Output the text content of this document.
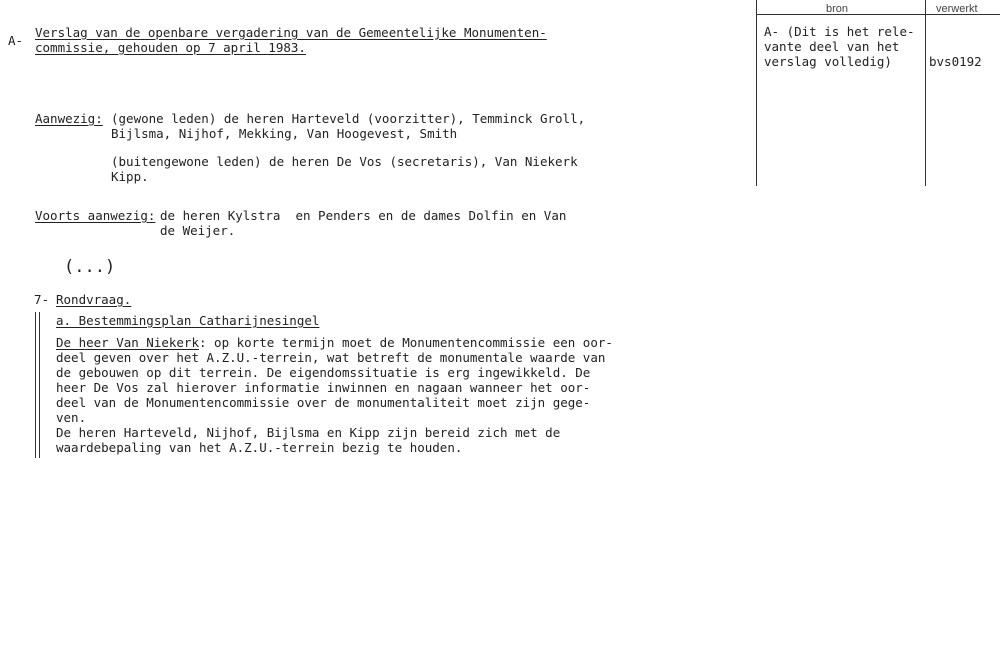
A-
Verslag van de openbare vergadering van de Gemeentelijke Monumenten-
commissie, gehouden op 7 april 1983.
bron	verwerkt
A- (Dit is het rele-
vante deel van het
verslag volledig)	bvs0192
Aanwezig: (gewone leden) de heren Harteveld (voorzitter), Temminck Groll,
Bijlsma, Nijhof, Mekking, Van Hoogevest, Smith
(buitengewone leden) de heren De Vos (secretaris), Van Niekerk
Kipp.
Voorts aanwezig: de heren Kylstra  en Penders en de dames Dolfin en Van
de Weijer.
(...)
7- Rondvraag.
a. Bestemmingsplan Catharijnesingel
De heer Van Niekerk: op korte termijn moet de Monumentencommissie een oor-
deel geven over het A.Z.U.-terrein, wat betreft de monumentale waarde van
de gebouwen op dit terrein. De eigendomssituatie is erg ingewikkeld. De
heer De Vos zal hierover informatie inwinnen en nagaan wanneer het oor-
deel van de Monumentencommissie over de monumentaliteit moet zijn gege-
ven.
De heren Harteveld, Nijhof, Bijlsma en Kipp zijn bereid zich met de
waardebepaling van het A.Z.U.-terrein bezig te houden.
